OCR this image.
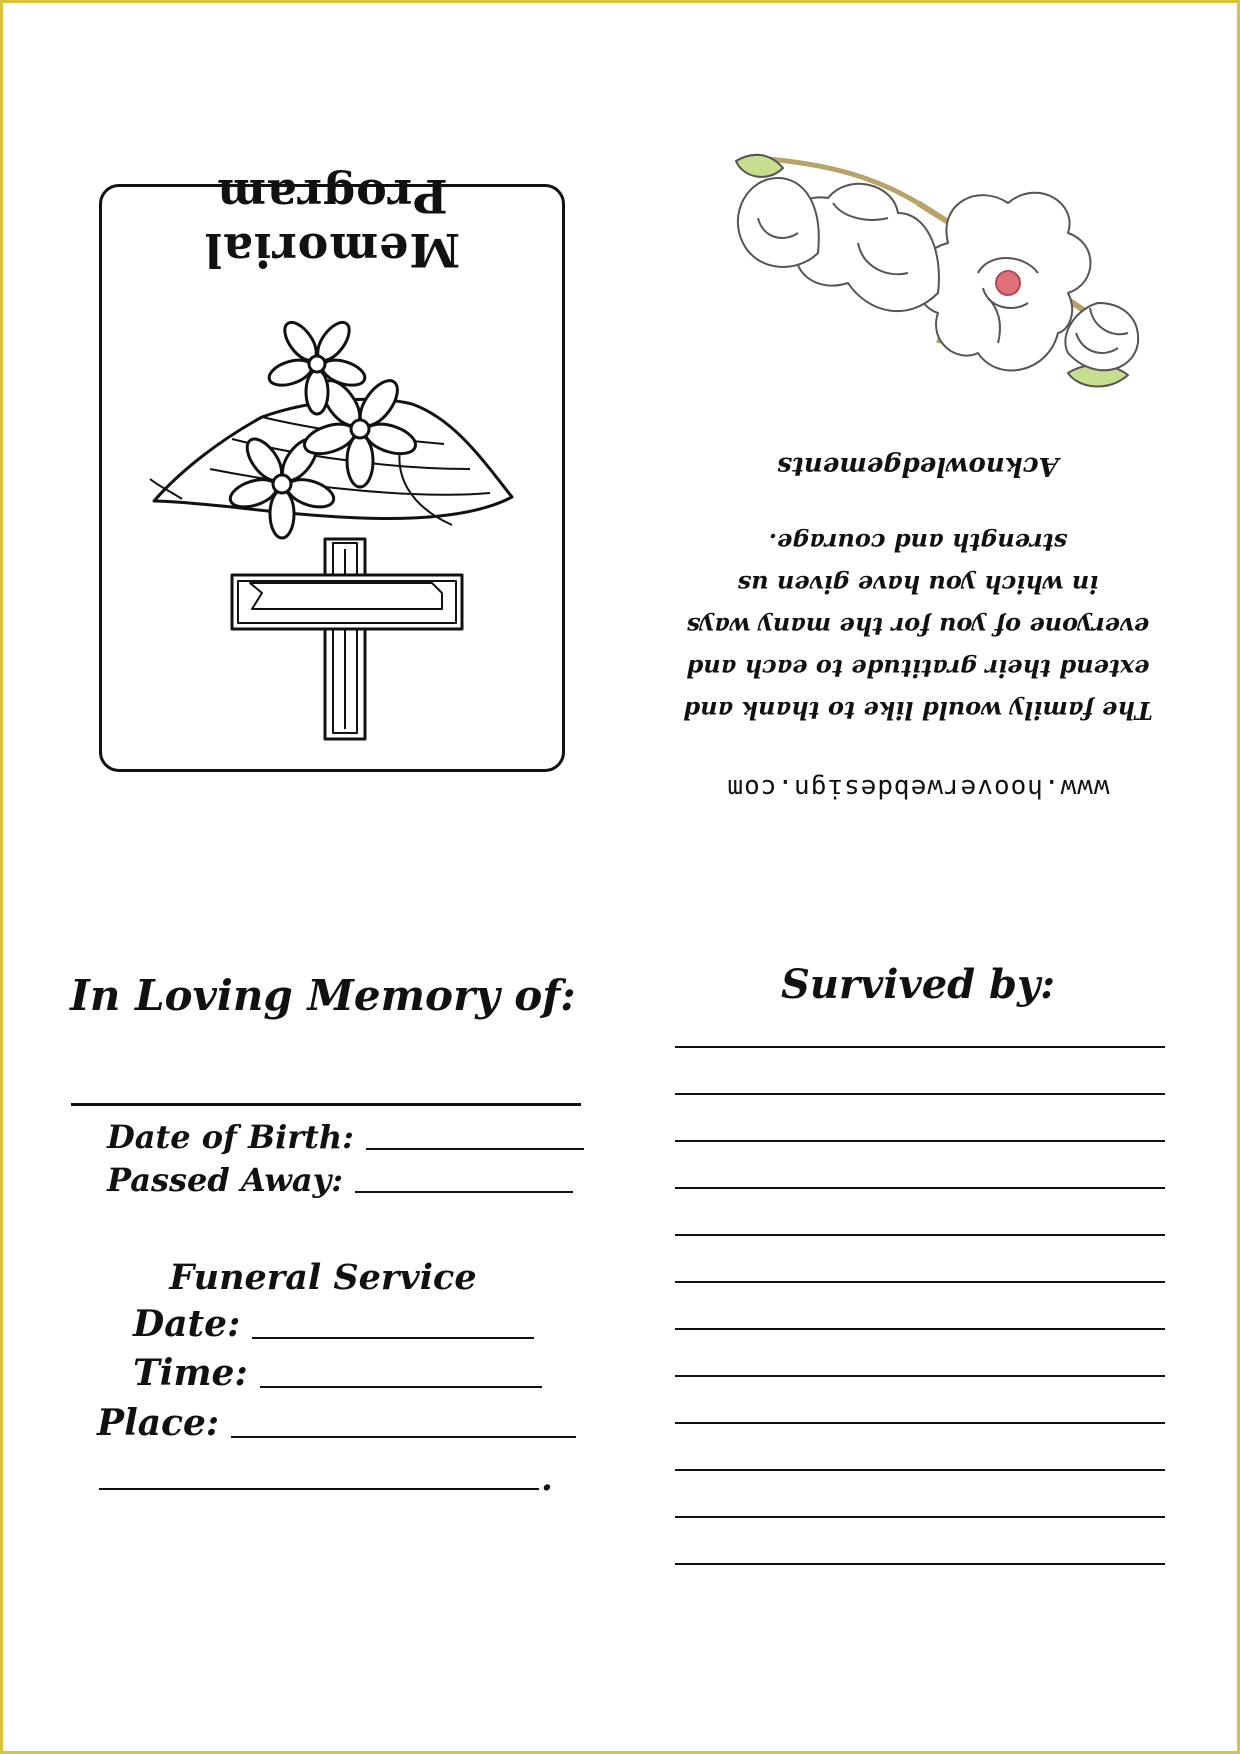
Memorial Program
Acknowledgements
The family would like to thank and
extend their gratitude to each and
everyone of you for the many ways
in which you have given us
strength and courage.
www.hooverwebdesign.com
In Loving Memory of:
Date of Birth:
Passed Away:
Funeral Service
Date:
Time:
Place:
.
Survived by:
